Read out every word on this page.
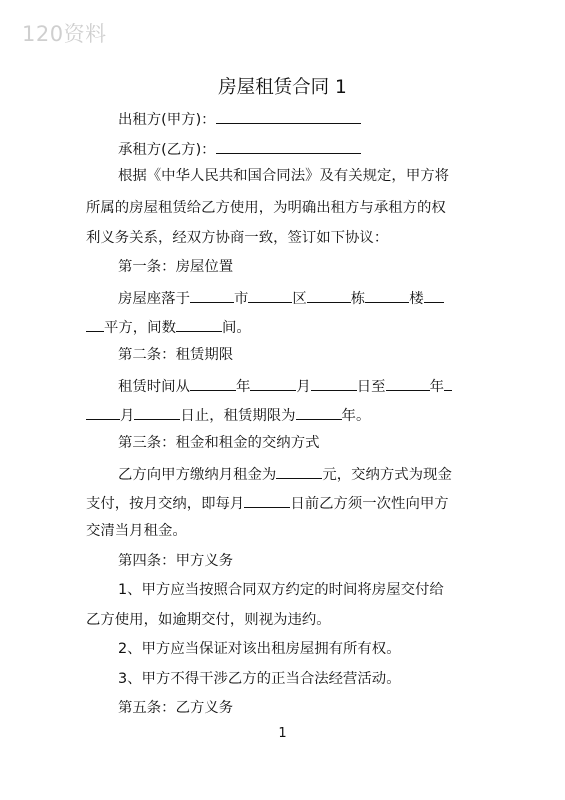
120资料
房屋租赁合同 1
出租方(甲方)：
承租方(乙方)：
根据《中华人民共和国合同法》及有关规定，甲方将
所属的房屋租赁给乙方使用，为明确出租方与承租方的权
利义务关系，经双方协商一致，签订如下协议：
第一条：房屋位置
房屋座落于	市	区	栋	楼
平方，间数	间。
第二条：租赁期限
租赁时间从	年	月	日至	年
月	日止，租赁期限为	年。
第三条：租金和租金的交纳方式
乙方向甲方缴纳月租金为	元，交纳方式为现金
支付，按月交纳，即每月	日前乙方须一次性向甲方
交清当月租金。
第四条：甲方义务
1、甲方应当按照合同双方约定的时间将房屋交付给
乙方使用，如逾期交付，则视为违约。
2、甲方应当保证对该出租房屋拥有所有权。
3、甲方不得干涉乙方的正当合法经营活动。
第五条：乙方义务
1
